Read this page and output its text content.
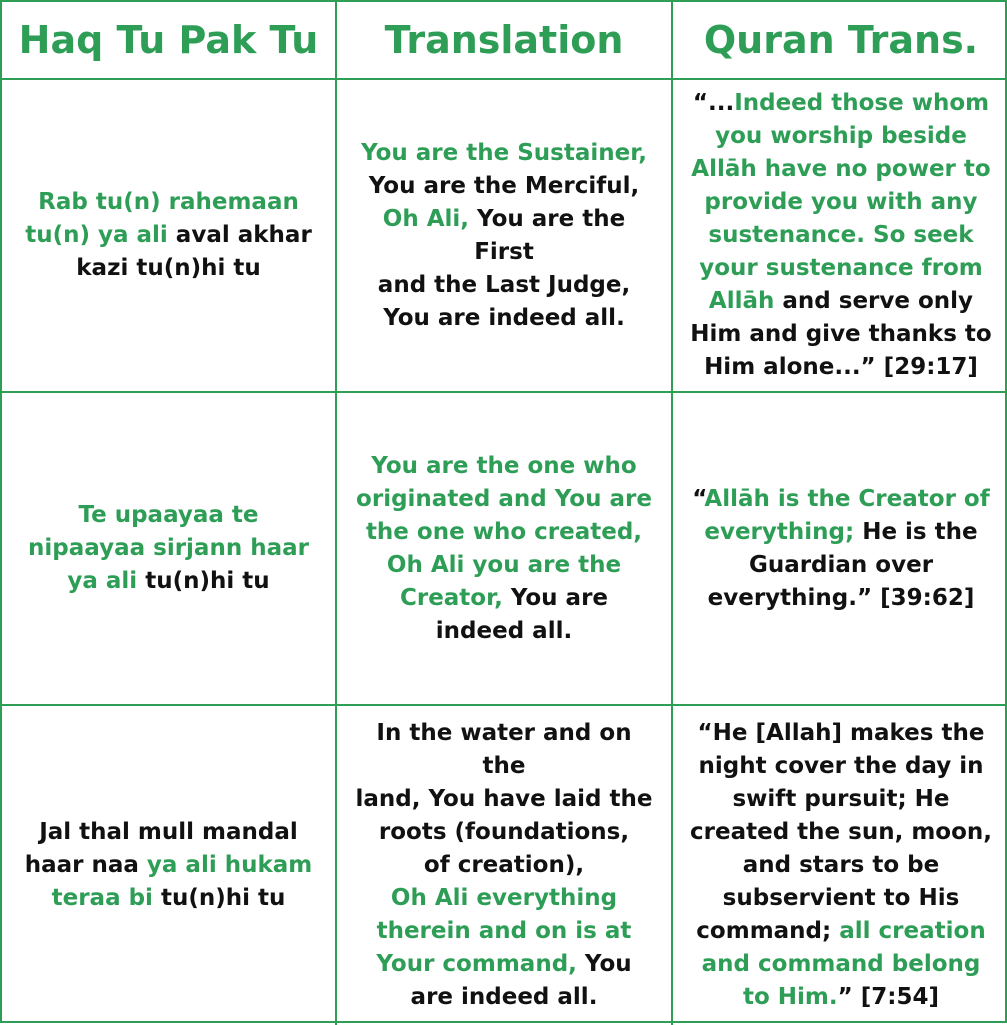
Haq Tu Pak Tu	Translation	Quran Trans.
Rab tu(n) rahemaan
tu(n) ya ali aval akhar
kazi tu(n)hi tu
You are the Sustainer,
You are the Merciful,
Oh Ali, You are the First
and the Last Judge,
You are indeed all.
“...Indeed those whom
you worship beside
Allāh have no power to
provide you with any
sustenance. So seek
your sustenance from
Allāh and serve only
Him and give thanks to
Him alone...” [29:17]
Te upaayaa te
nipaayaa sirjann haar
ya ali tu(n)hi tu
You are the one who
originated and You are
the one who created,
Oh Ali you are the
Creator, You are
indeed all.
“Allāh is the Creator of
everything; He is the
Guardian over
everything.” [39:62]
Jal thal mull mandal
haar naa ya ali hukam
teraa bi tu(n)hi tu
In the water and on the
land, You have laid the
roots (foundations,
of creation),
Oh Ali everything
therein and on is at
Your command, You
are indeed all.
“He [Allah] makes the
night cover the day in
swift pursuit; He
created the sun, moon,
and stars to be
subservient to His
command; all creation
and command belong
to Him.” [7:54]
